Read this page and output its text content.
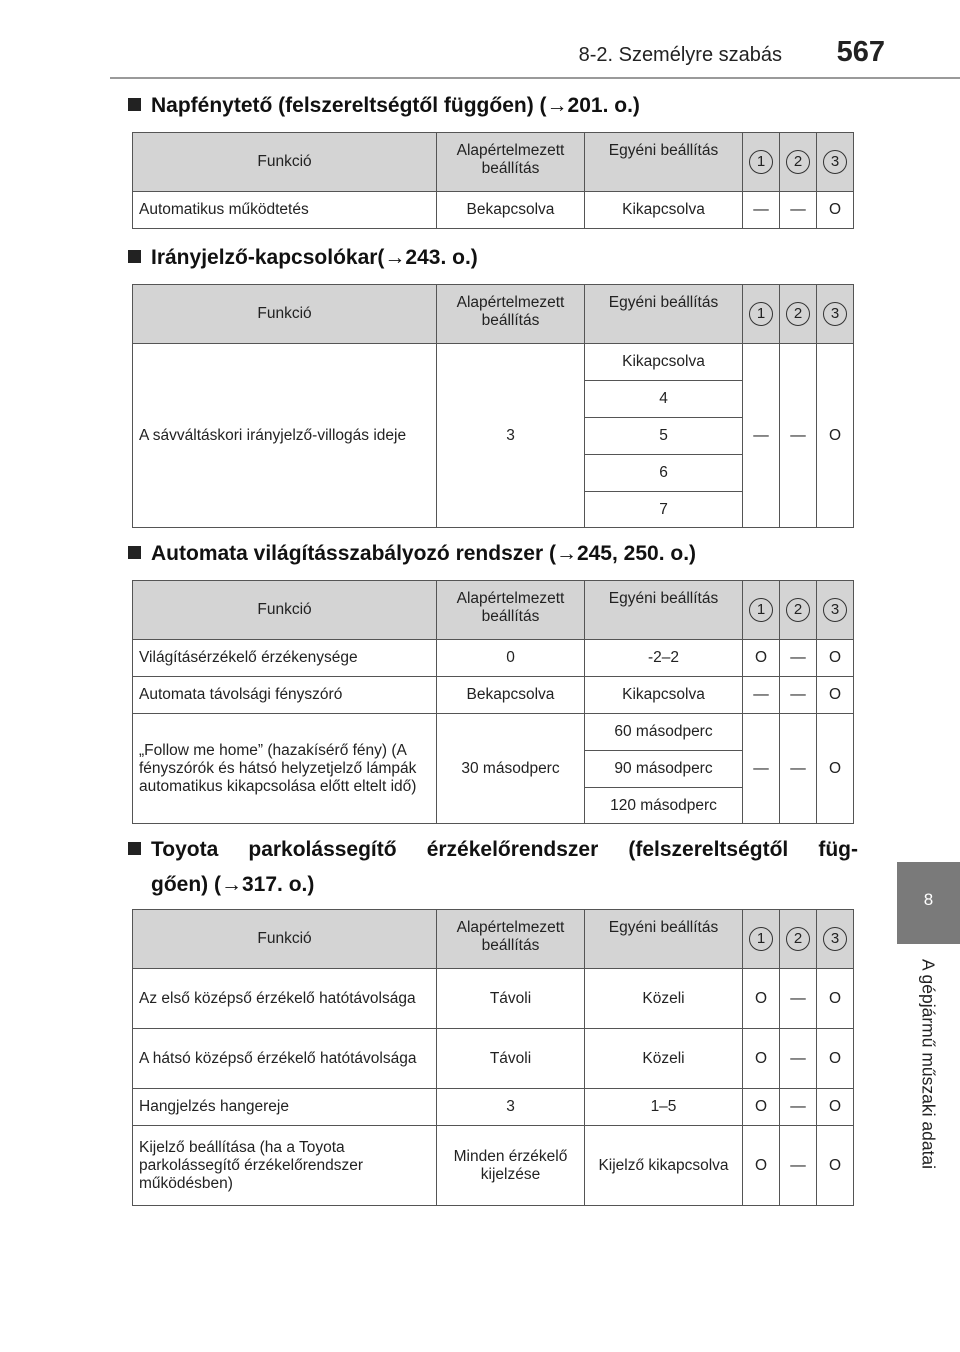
8-2. Személyre szabás 567
8
A gépjármű műszaki adatai
Napfénytető (felszereltségtől függően) (→201. o.)
Funkció	Alapértelmezett beállítás	Egyéni beállítás	1	2	3
Automatikus működtetés	Bekapcsolva	Kikapcsolva	—	—	O
Irányjelző-kapcsolókar(→243. o.)
Funkció	Alapértelmezett beállítás	Egyéni beállítás	1	2	3
A sávváltáskori irányjelző-villogás ideje	3	Kikapcsolva	—	—	O
		4			
		5			
		6			
		7			
Automata világításszabályozó rendszer (→245, 250. o.)
Funkció	Alapértelmezett beállítás	Egyéni beállítás	1	2	3
Világításérzékelő érzékenysége	0	-2–2	O	—	O
Automata távolsági fényszóró	Bekapcsolva	Kikapcsolva	—	—	O
„Follow me home” (hazakísérő fény) (A fényszórók és hátsó helyzetjelző lámpák automatikus kikapcsolása előtt eltelt idő)	30 másodperc	60 másodperc	—	—	O
		90 másodperc			
		120 másodperc			
Toyota parkolássegítő érzékelőrendszer (felszereltségtől füg-
gően) (→317. o.)
Funkció	Alapértelmezett beállítás	Egyéni beállítás	1	2	3
Az első középső érzékelő hatótávolsága	Távoli	Közeli	O	—	O
A hátsó középső érzékelő hatótávolsága	Távoli	Közeli	O	—	O
Hangjelzés hangereje	3	1–5	O	—	O
Kijelző beállítása (ha a Toyota parkolássegítő érzékelőrendszer működésben)	Minden érzékelő kijelzése	Kijelző kikapcsolva	O	—	O
